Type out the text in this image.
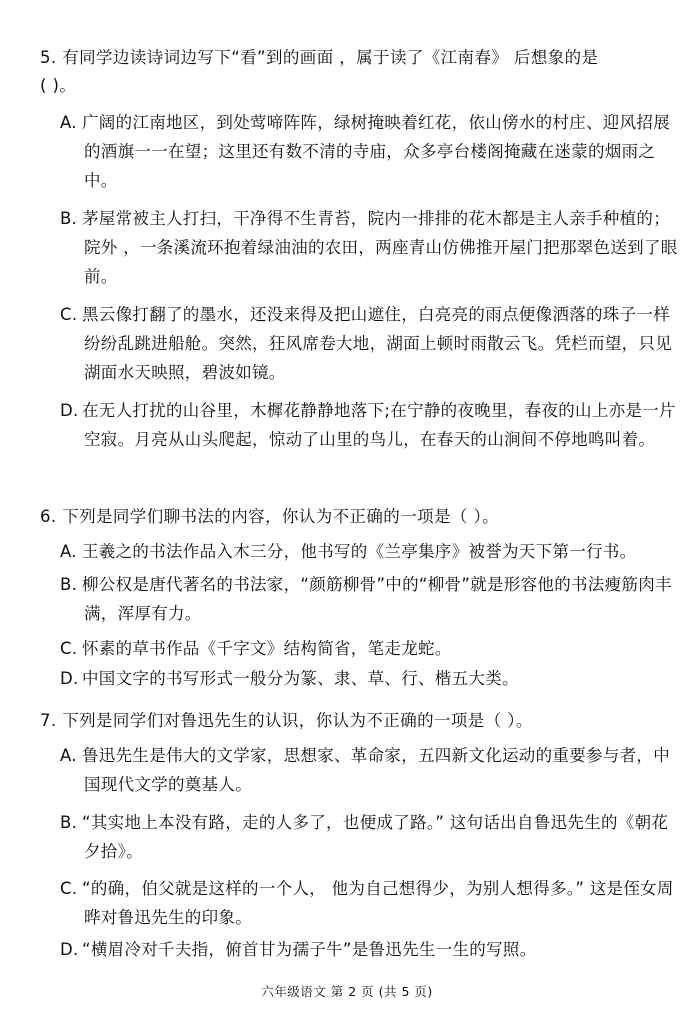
5. 有同学边读诗词边写下“看”到的画面 ，属于读了《江南春》 后想象的是
( )。
A. 广阔的江南地区，到处莺啼阵阵，绿树掩映着红花，依山傍水的村庄、迎风招展的酒旗一一在望；这里还有数不清的寺庙，众多亭台楼阁掩藏在迷蒙的烟雨之中。
B. 茅屋常被主人打扫，干净得不生青苔，院内一排排的花木都是主人亲手种植的；院外 ，一条溪流环抱着绿油油的农田，两座青山仿佛推开屋门把那翠色送到了眼前。
C. 黑云像打翻了的墨水，还没来得及把山遮住，白亮亮的雨点便像洒落的珠子一样纷纷乱跳进船舱。突然，狂风席卷大地，湖面上顿时雨散云飞。凭栏而望，只见湖面水天映照，碧波如镜。
D. 在无人打扰的山谷里，木樨花静静地落下;在宁静的夜晚里，春夜的山上亦是一片空寂。月亮从山头爬起，惊动了山里的鸟儿，在春天的山涧间不停地鸣叫着。
6. 下列是同学们聊书法的内容，你认为不正确的一项是（ ）。
A. 王羲之的书法作品入木三分，他书写的《兰亭集序》被誉为天下第一行书。
B. 柳公权是唐代著名的书法家，“颜筋柳骨”中的“柳骨”就是形容他的书法瘦筋肉丰满，浑厚有力。
C. 怀素的草书作品《千字文》结构简省，笔走龙蛇。
D. 中国文字的书写形式一般分为篆、隶、草、行、楷五大类。
7. 下列是同学们对鲁迅先生的认识，你认为不正确的一项是（ ）。
A. 鲁迅先生是伟大的文学家，思想家、革命家，五四新文化运动的重要参与者，中国现代文学的奠基人。
B. “其实地上本没有路，走的人多了，也便成了路。” 这句话出自鲁迅先生的《朝花夕拾》。
C. “的确，伯父就是这样的一个人， 他为自己想得少，为别人想得多。” 这是侄女周晔对鲁迅先生的印象。
D. “横眉冷对千夫指，俯首甘为孺子牛”是鲁迅先生一生的写照。
六年级语文 第 2 页 (共 5 页)
